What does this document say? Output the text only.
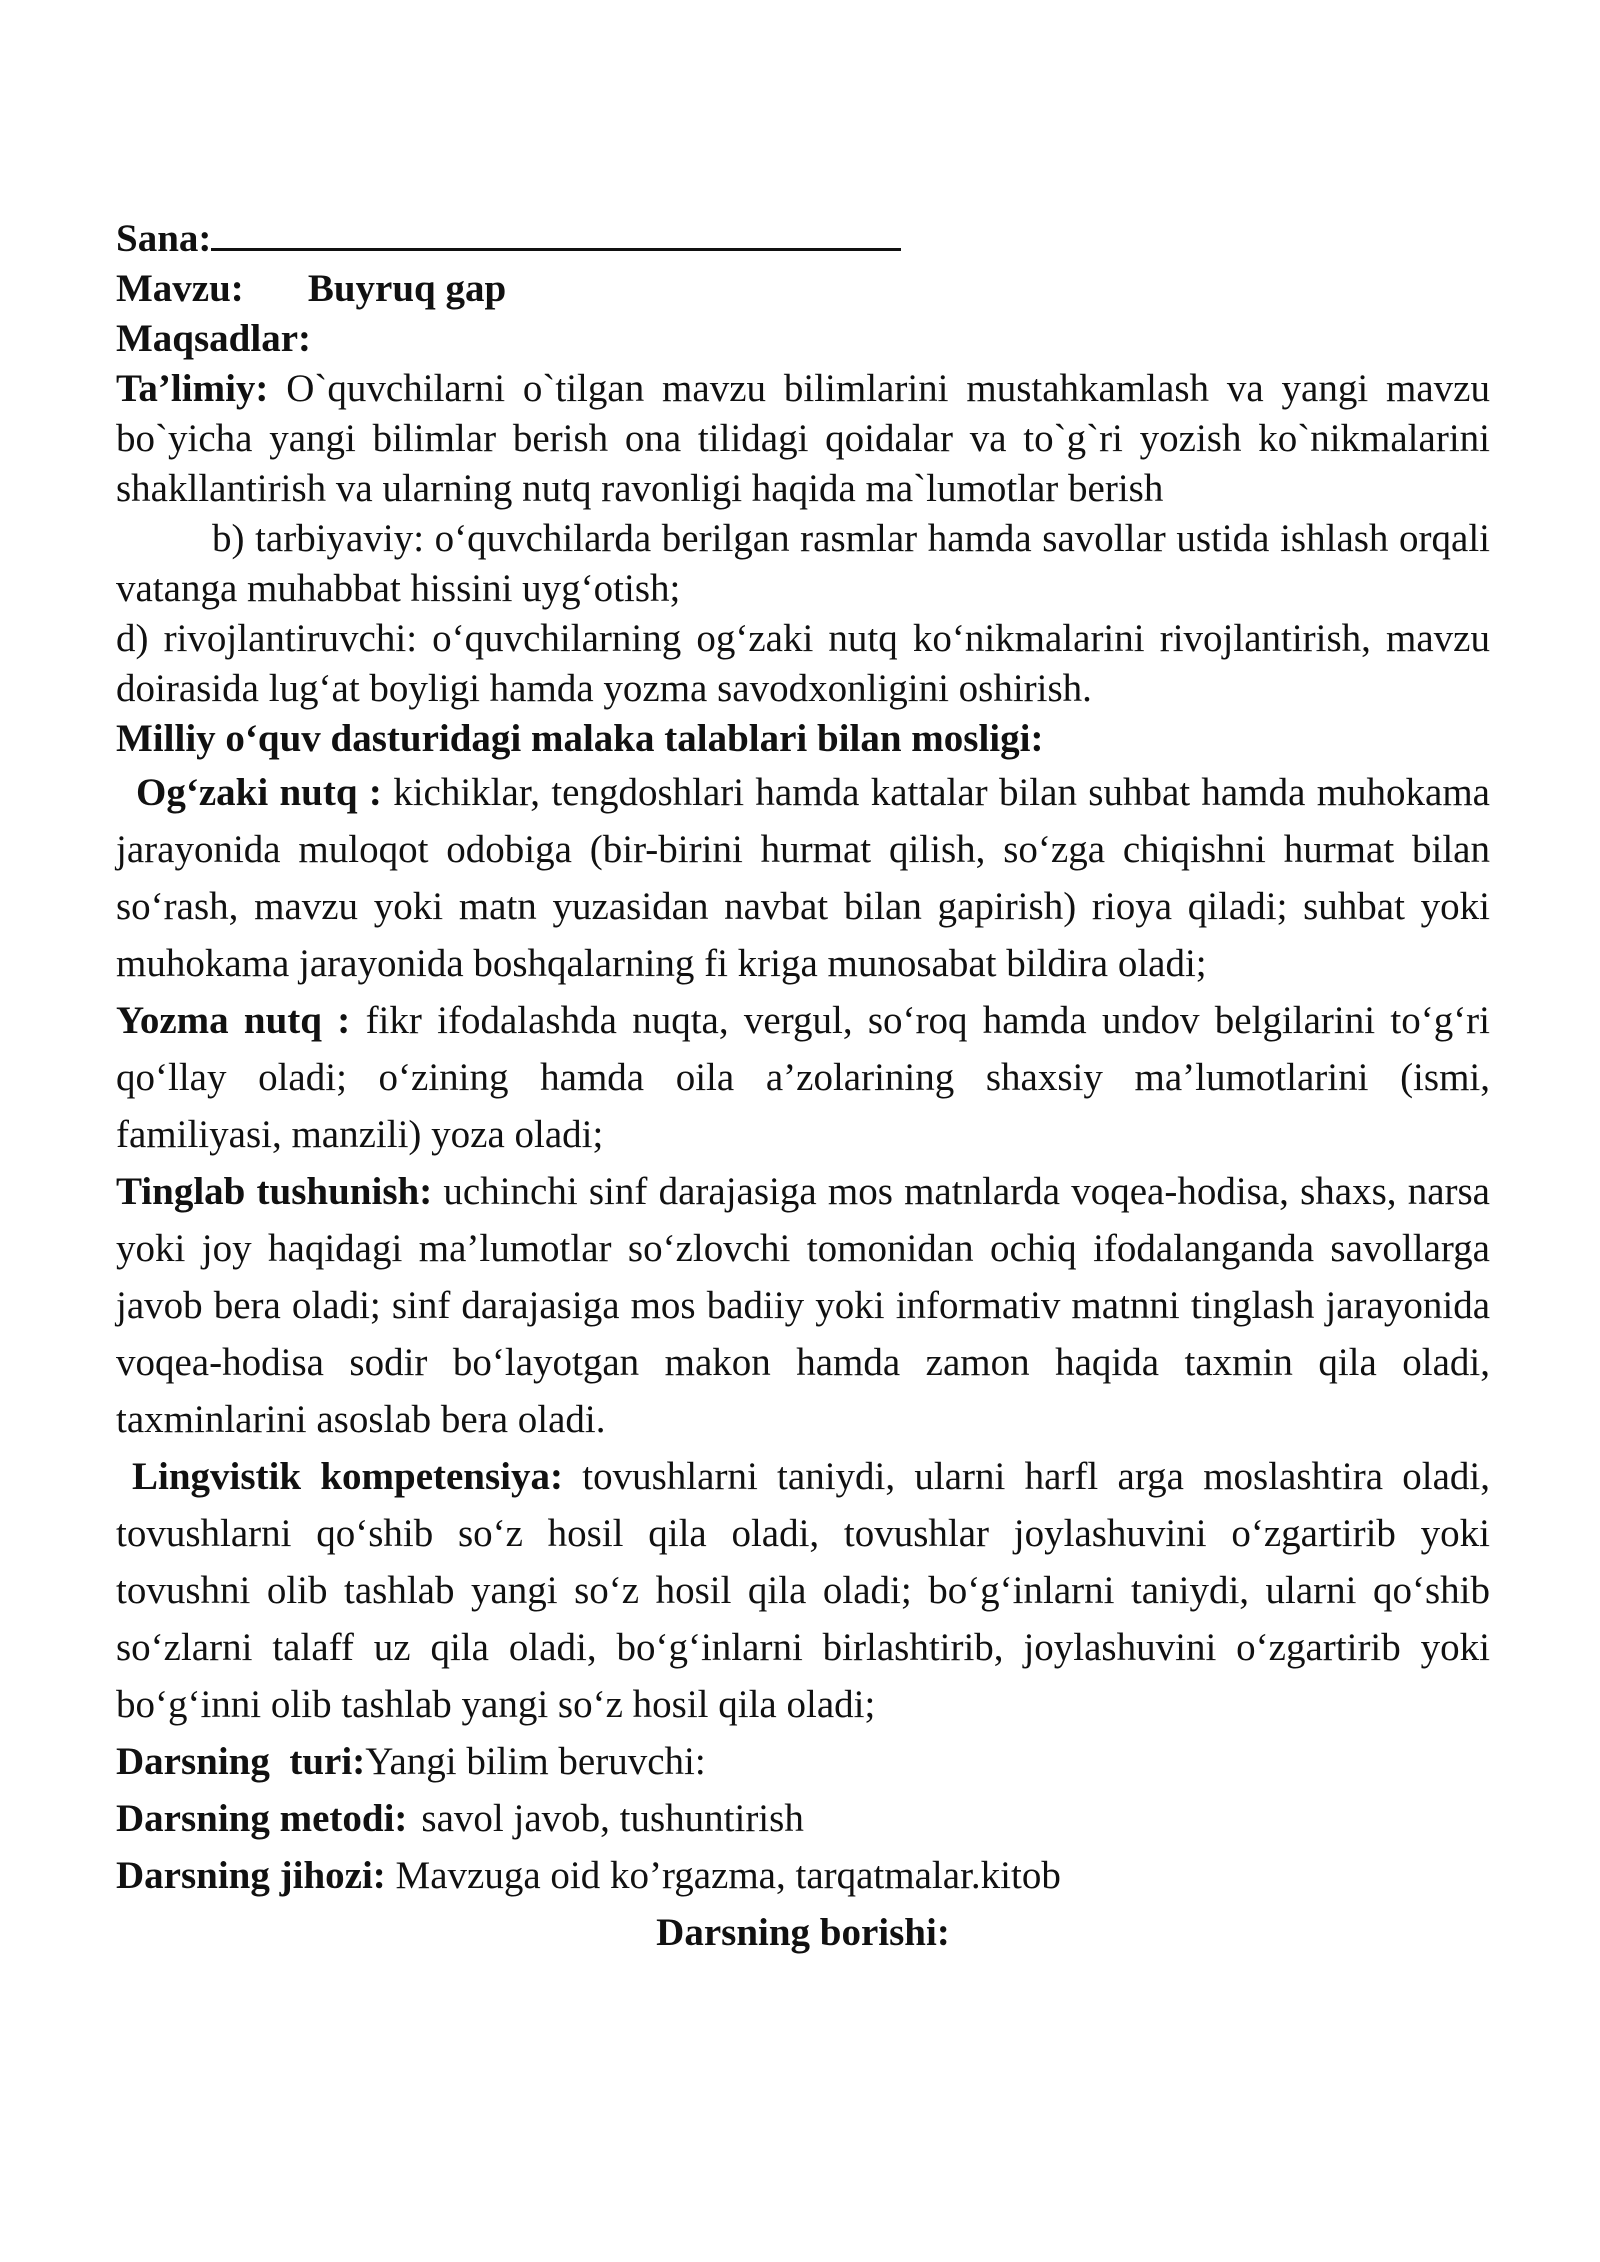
Sana:

Mavzu: Buyruq gap

Maqsadlar:

Ta’limiy: O`quvchilarni o`tilgan mavzu bilimlarini mustahkamlash va yangi mavzu bo`yicha yangi bilimlar berish ona tilidagi qoidalar va to`g`ri yozish ko`nikmalarini shakllantirish va ularning nutq ravonligi haqida ma`lumotlar berish

b) tarbiyaviy: o‘quvchilarda berilgan rasmlar hamda savollar ustida ishlash orqali vatanga muhabbat hissini uyg‘otish;

d) rivojlantiruvchi: o‘quvchilarning og‘zaki nutq ko‘nikmalarini rivojlantirish, mavzu doirasida lug‘at boyligi hamda yozma savodxonligini oshirish.

Milliy o‘quv dasturidagi malaka talablari bilan mosligi:

Og‘zaki nutq : kichiklar, tengdoshlari hamda kattalar bilan suhbat hamda muhokama jarayonida muloqot odobiga (bir-birini hurmat qilish, so‘zga chiqishni hurmat bilan so‘rash, mavzu yoki matn yuzasidan navbat bilan gapirish) rioya qiladi; suhbat yoki muhokama jarayonida boshqalarning fi kriga munosabat bildira oladi;

Yozma nutq : fikr ifodalashda nuqta, vergul, so‘roq hamda undov belgilarini to‘g‘ri qo‘llay oladi; o‘zining hamda oila a’zolarining shaxsiy ma’lumotlarini (ismi, familiyasi, manzili) yoza oladi;

Tinglab tushunish: uchinchi sinf darajasiga mos matnlarda voqea-hodisa, shaxs, narsa yoki joy haqidagi ma’lumotlar so‘zlovchi tomonidan ochiq ifodalanganda savollarga javob bera oladi; sinf darajasiga mos badiiy yoki informativ matnni tinglash jarayonida voqea-hodisa sodir bo‘layotgan makon hamda zamon haqida taxmin qila oladi, taxminlarini asoslab bera oladi.

Lingvistik kompetensiya: tovushlarni taniydi, ularni harfl arga moslashtira oladi, tovushlarni qo‘shib so‘z hosil qila oladi, tovushlar joylashuvini o‘zgartirib yoki tovushni olib tashlab yangi so‘z hosil qila oladi; bo‘g‘inlarni taniydi, ularni qo‘shib so‘zlarni talaff uz qila oladi, bo‘g‘inlarni birlashtirib, joylashuvini o‘zgartirib yoki bo‘g‘inni olib tashlab yangi so‘z hosil qila oladi;

Darsning  turi:Yangi bilim beruvchi:

Darsning metodi: savol javob, tushuntirish

Darsning jihozi: Mavzuga oid ko’rgazma, tarqatmalar.kitob

Darsning borishi:
